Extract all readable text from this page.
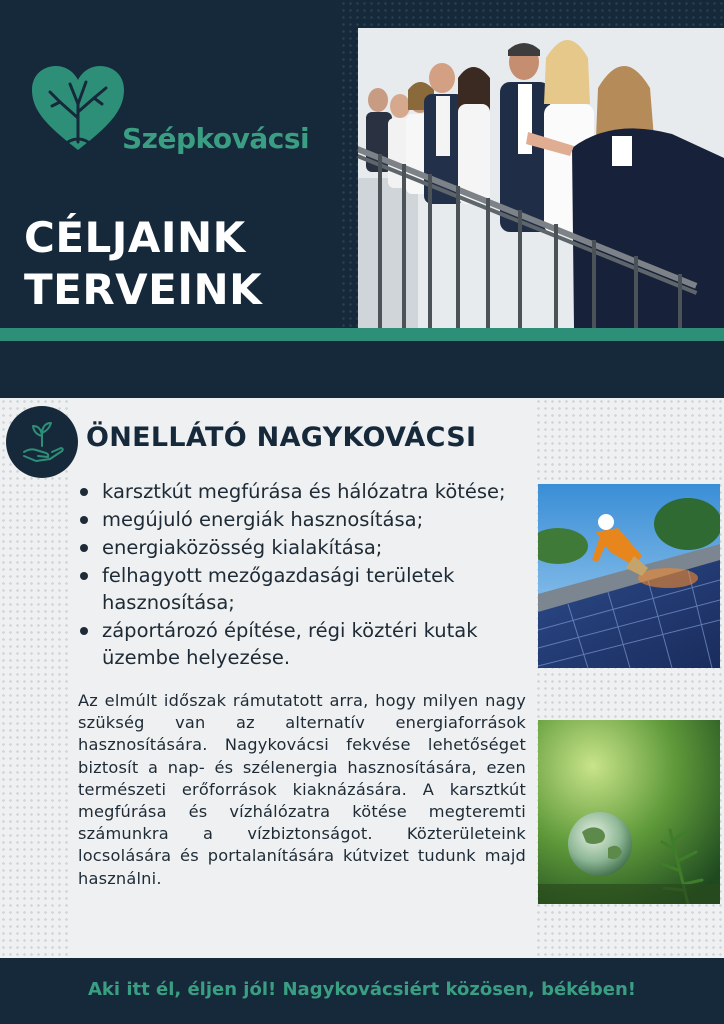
Szépkovácsi
CÉLJAINK
TERVEINK
ÖNELLÁTÓ NAGYKOVÁCSI
karsztkút megfúrása és hálózatra kötése;
megújuló energiák hasznosítása;
energiaközösség kialakítása;
felhagyott mezőgazdasági területek hasznosítása;
záportározó építése, régi köztéri kutak üzembe helyezése.

Az elmúlt időszak rámutatott arra, hogy milyen nagy szükség van az alternatív energiaforrások hasznosítására. Nagykovácsi fekvése lehetőséget biztosít a nap- és szélenergia hasznosítására, ezen természeti erőforrások kiaknázására. A karsztkút megfúrása és vízhálózatra kötése megteremti számunkra a vízbiztonságot. Közterületeink locsolására és portalanítására kútvizet tudunk majd használni.

Aki itt él, éljen jól! Nagykovácsiért közösen, békében!
